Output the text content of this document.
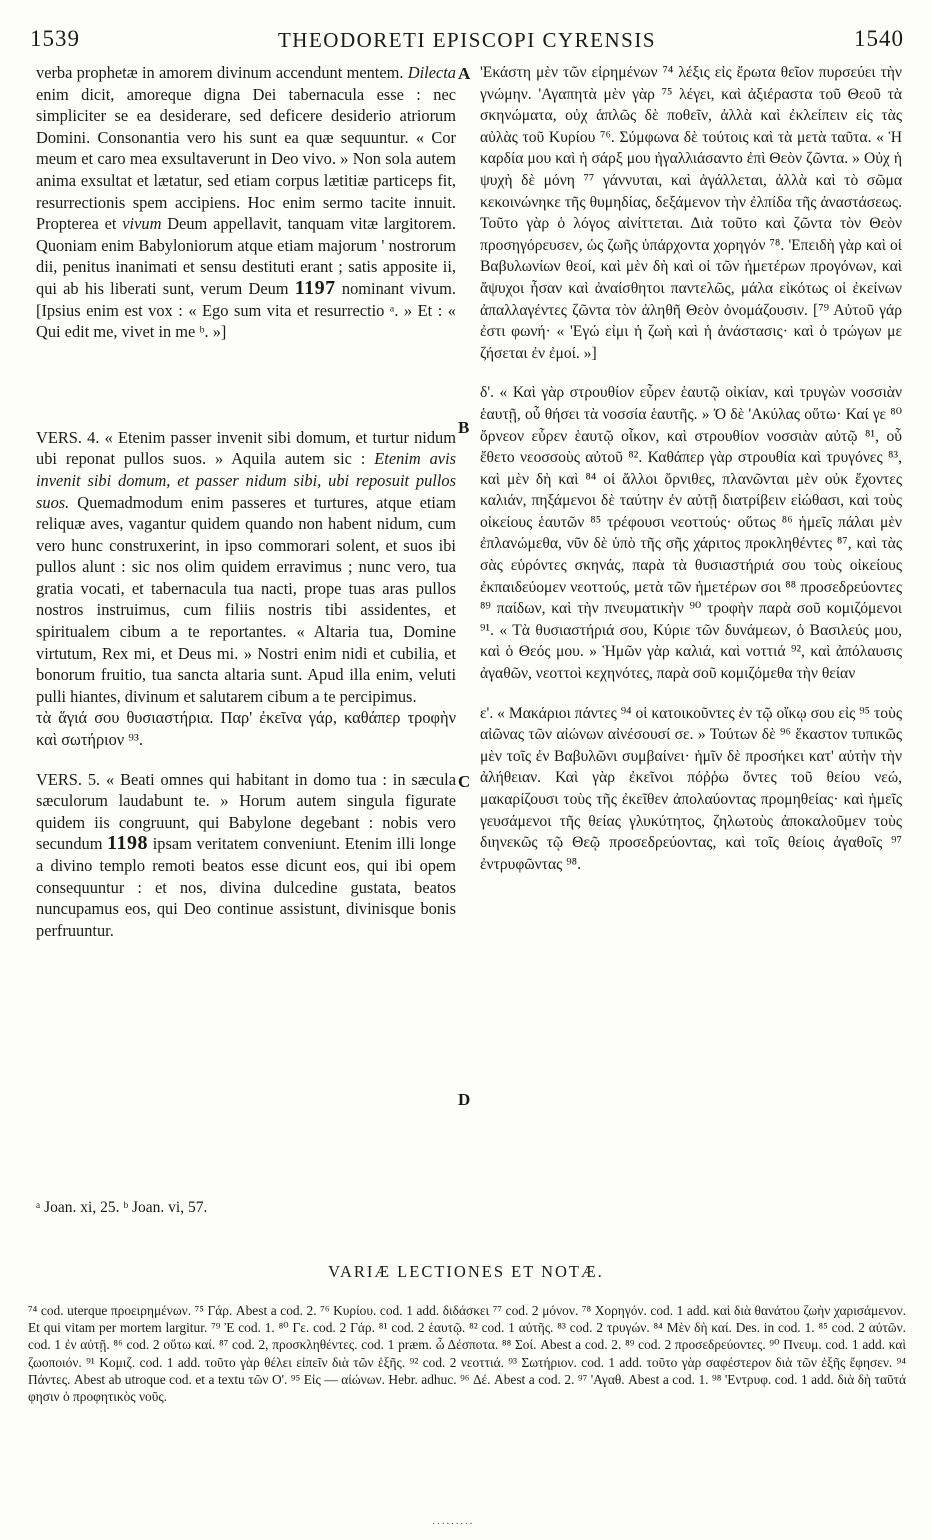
1539	THEODORETI EPISCOPI CYRENSIS	1540

verba prophetæ in amorem divinum accendunt mentem. Dilecta enim dicit, amoreque digna Dei tabernacula esse : nec simpliciter se ea desiderare, sed deficere desiderio atriorum Domini. Consonantia vero his sunt ea quæ sequuntur. « Cor meum et caro mea exsultaverunt in Deo vivo. » Non sola autem anima exsultat et lætatur, sed etiam corpus lætitiæ particeps fit, resurrectionis spem accipiens. Hoc enim sermo tacite innuit. Propterea et vivum Deum appellavit, tanquam vitæ largitorem. Quoniam enim Babyloniorum atque etiam majorum ' nostrorum dii, penitus inanimati et sensu destituti erant ; satis apposite ii, qui ab his liberati sunt, verum Deum 1197 nominant vivum. [Ipsius enim est vox : « Ego sum vita et resurrectio ᵃ. » Et : « Qui edit me, vivet in me ᵇ. »]

VERS. 4. « Etenim passer invenit sibi domum, et turtur nidum ubi reponat pullos suos. » Aquila autem sic : Etenim avis invenit sibi domum, et passer nidum sibi, ubi reposuit pullos suos. Quemadmodum enim passeres et turtures, atque etiam reliquæ aves, vagantur quidem quando non habent nidum, cum vero hunc construxerint, in ipso commorari solent, et suos ibi pullos alunt : sic nos olim quidem erravimus ; nunc vero, tua gratia vocati, et tabernacula tua nacti, prope tuas aras pullos nostros instruimus, cum filiis nostris tibi assidentes, et spiritualem cibum a te reportantes. « Altaria tua, Domine virtutum, Rex mi, et Deus mi. » Nostri enim nidi et cubilia, et bonorum fruitio, tua sancta altaria sunt. Apud illa enim, veluti pulli hiantes, divinum et salutarem cibum a te percipimus.

τὰ ἅγιά σου θυσιαστήρια. Παρ' ἐκεῖνα γάρ, καθάπερ τροφὴν καὶ σωτήριον ⁹³.

VERS. 5. « Beati omnes qui habitant in domo tua : in sæcula sæculorum laudabunt te. » Horum autem singula figurate quidem iis congruunt, qui Babylone degebant : nobis vero secundum 1198 ipsam veritatem conveniunt. Etenim illi longe a divino templo remoti beatos esse dicunt eos, qui ibi opem consequuntur : et nos, divina dulcedine gustata, beatos nuncupamus eos, qui Deo continue assistunt, divinisque bonis perfruuntur.

A
B
C
D

'Εκάστη μὲν τῶν εἰρημένων ⁷⁴ λέξις εἰς ἔρωτα θεῖον πυρσεύει τὴν γνώμην. 'Αγαπητὰ μὲν γὰρ ⁷⁵ λέγει, καὶ ἀξιέραστα τοῦ Θεοῦ τὰ σκηνώματα, οὐχ ἁπλῶς δὲ ποθεῖν, ἀλλὰ καὶ ἐκλείπειν εἰς τὰς αὐλὰς τοῦ Κυρίου ⁷⁶. Σύμφωνα δὲ τούτοις καὶ τὰ μετὰ ταῦτα. « Ἡ καρδία μου καὶ ἡ σάρξ μου ἠγαλλιάσαντο ἐπὶ Θεὸν ζῶντα. » Οὐχ ἡ ψυχὴ δὲ μόνη ⁷⁷ γάννυται, καὶ ἀγάλλεται, ἀλλὰ καὶ τὸ σῶμα κεκοινώνηκε τῆς θυμηδίας, δεξάμενον τὴν ἐλπίδα τῆς ἀναστάσεως. Τοῦτο γὰρ ὁ λόγος αἰνίττεται. Διὰ τοῦτο καὶ ζῶντα τὸν Θεὸν προσηγόρευσεν, ὡς ζωῆς ὑπάρχοντα χορηγόν ⁷⁸. 'Επειδὴ γὰρ καὶ οἱ Βαβυλωνίων θεοί, καὶ μὲν δὴ καὶ οἱ τῶν ἡμετέρων προγόνων, καὶ ἄψυχοι ἦσαν καὶ ἀναίσθητοι παντελῶς, μάλα εἰκότως οἱ ἐκείνων ἀπαλλαγέντες ζῶντα τὸν ἀληθῆ Θεὸν ὀνομάζουσιν. [⁷⁹ Αὐτοῦ γάρ ἐστι φωνή· « 'Εγώ εἰμι ἡ ζωὴ καὶ ἡ ἀνάστασις· καὶ ὁ τρώγων με ζήσεται ἐν ἐμοί. »]

δ'. « Καὶ γὰρ στρουθίον εὗρεν ἑαυτῷ οἰκίαν, καὶ τρυγὼν νοσσιὰν ἑαυτῇ, οὗ θήσει τὰ νοσσία ἑαυτῆς. » Ὁ δὲ 'Ακύλας οὕτω· Καί γε ⁸⁰ ὄρνεον εὗρεν ἑαυτῷ οἶκον, καὶ στρουθίον νοσσιὰν αὐτῷ ⁸¹, οὗ ἔθετο νεοσσοὺς αὐτοῦ ⁸². Καθάπερ γὰρ στρουθία καὶ τρυγόνες ⁸³, καὶ μὲν δὴ καὶ ⁸⁴ οἱ ἄλλοι ὄρνιθες, πλανῶνται μὲν οὐκ ἔχοντες καλιάν, πηξάμενοι δὲ ταύτην ἐν αὐτῇ διατρίβειν εἰώθασι, καὶ τοὺς οἰκείους ἑαυτῶν ⁸⁵ τρέφουσι νεοττούς· οὕτως ⁸⁶ ἡμεῖς πάλαι μὲν ἐπλανώμεθα, νῦν δὲ ὑπὸ τῆς σῆς χάριτος προκληθέντες ⁸⁷, καὶ τὰς σὰς εὑρόντες σκηνάς, παρὰ τὰ θυσιαστήριά σου τοὺς οἰκείους ἐκπαιδεύομεν νεοττούς, μετὰ τῶν ἡμετέρων σοι ⁸⁸ προσεδρεύοντες ⁸⁹ παίδων, καὶ τὴν πνευματικὴν ⁹⁰ τροφὴν παρὰ σοῦ κομιζόμενοι ⁹¹. « Τὰ θυσιαστήριά σου, Κύριε τῶν δυνάμεων, ὁ Βασιλεύς μου, καὶ ὁ Θεός μου. » Ἡμῶν γὰρ καλιά, καὶ νοττιά ⁹², καὶ ἀπόλαυσις ἀγαθῶν, νεοττοὶ κεχηνότες, παρὰ σοῦ κομιζόμεθα τὴν θείαν

ε'. « Μακάριοι πάντες ⁹⁴ οἱ κατοικοῦντες ἐν τῷ οἴκῳ σου εἰς ⁹⁵ τοὺς αἰῶνας τῶν αἰώνων αἰνέσουσί σε. » Τούτων δὲ ⁹⁶ ἕκαστον τυπικῶς μὲν τοῖς ἐν Βαβυλῶνι συμβαίνει· ἡμῖν δὲ προσήκει κατ' αὐτὴν τὴν ἀλήθειαν. Καὶ γὰρ ἐκεῖνοι πόῤῥω ὄντες τοῦ θείου νεώ, μακαρίζουσι τοὺς τῆς ἐκεῖθεν ἀπολαύοντας προμηθείας· καὶ ἡμεῖς γευσάμενοι τῆς θείας γλυκύτητος, ζηλωτοὺς ἀποκαλοῦμεν τοὺς διηνεκῶς τῷ Θεῷ προσεδρεύοντας, καὶ τοῖς θείοις ἀγαθοῖς ⁹⁷ ἐντρυφῶντας ⁹⁸.

ᵃ Joan. xi, 25. ᵇ Joan. vi, 57.
VARIÆ LECTIONES ET NOTÆ.

⁷⁴ cod. uterque προειρημένων. ⁷⁵ Γάρ. Abest a cod. 2. ⁷⁶ Κυρίου. cod. 1 add. διδάσκει ⁷⁷ cod. 2 μόνον. ⁷⁸ Χορηγόν. cod. 1 add. καὶ διὰ θανάτου ζωὴν χαρισάμενον. Et qui vitam per mortem largitur. ⁷⁹ Ἐ cod. 1. ⁸⁰ Γε. cod. 2 Γάρ. ⁸¹ cod. 2 ἑαυτῷ. ⁸² cod. 1 αὐτῆς. ⁸³ cod. 2 τρυγών. ⁸⁴ Μὲν δὴ καί. Des. in cod. 1. ⁸⁵ cod. 2 αὐτῶν. cod. 1 ἐν αὐτῇ. ⁸⁶ cod. 2 οὕτω καί. ⁸⁷ cod. 2, προσκληθέντες. cod. 1 præm. ὦ Δέσποτα. ⁸⁸ Σοί. Abest a cod. 2. ⁸⁹ cod. 2 προσεδρεύοντες. ⁹⁰ Πνευμ. cod. 1 add. καὶ ζωοποιόν. ⁹¹ Κομιζ. cod. 1 add. τοῦτο γὰρ θέλει εἰπεῖν διὰ τῶν ἑξῆς. ⁹² cod. 2 νεοττιά. ⁹³ Σωτήριον. cod. 1 add. τοῦτο γὰρ σαφέστερον διὰ τῶν ἑξῆς ἔφησεν. ⁹⁴ Πάντες. Abest ab utroque cod. et a textu τῶν Ο'. ⁹⁵ Εἰς — αἰώνων. Hebr. adhuc. ⁹⁶ Δέ. Abest a cod. 2. ⁹⁷ 'Αγαθ. Abest a cod. 1. ⁹⁸ 'Εντρυφ. cod. 1 add. διὰ δὴ ταῦτά φησιν ὁ προφητικὸς νοῦς.

·········
